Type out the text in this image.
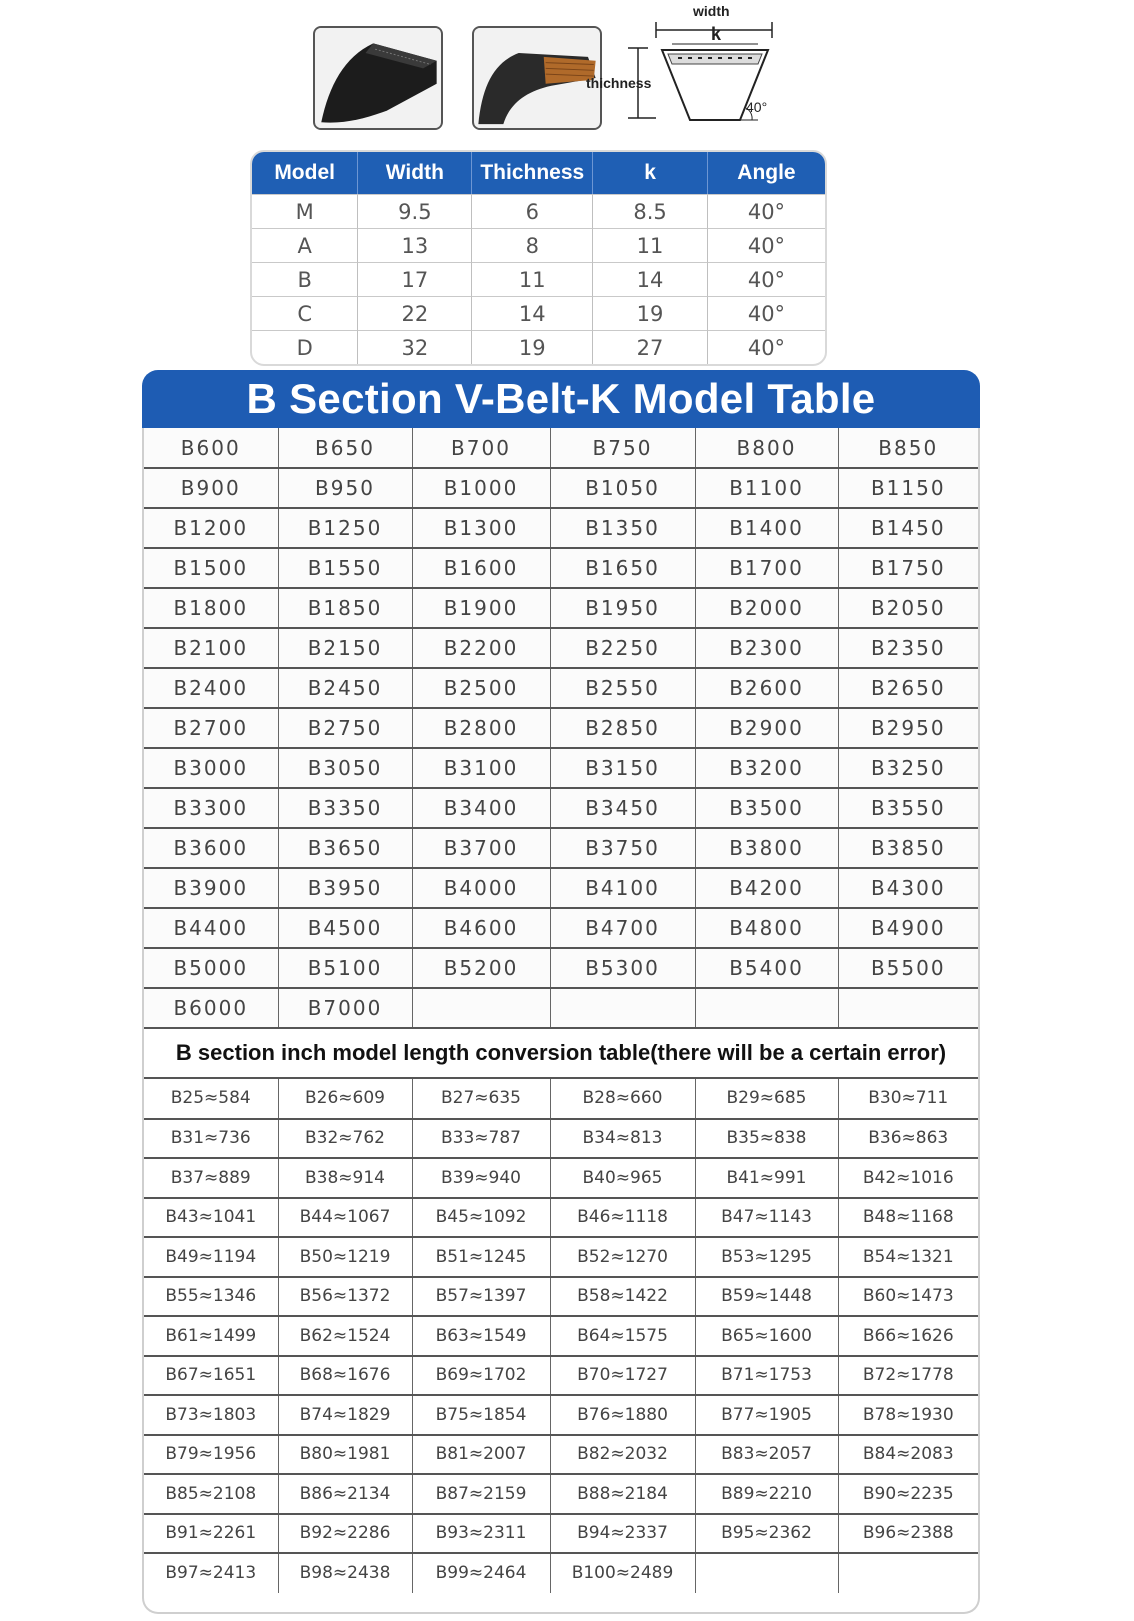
width
k
thichness
40°
Model	Width	Thichness	k	Angle
M	9.5	6	8.5	40°
A	13	8	11	40°
B	17	11	14	40°
C	22	14	19	40°
D	32	19	27	40°
B Section V-Belt-K Model Table
B600	B650	B700	B750	B800	B850
B900	B950	B1000	B1050	B1100	B1150
B1200	B1250	B1300	B1350	B1400	B1450
B1500	B1550	B1600	B1650	B1700	B1750
B1800	B1850	B1900	B1950	B2000	B2050
B2100	B2150	B2200	B2250	B2300	B2350
B2400	B2450	B2500	B2550	B2600	B2650
B2700	B2750	B2800	B2850	B2900	B2950
B3000	B3050	B3100	B3150	B3200	B3250
B3300	B3350	B3400	B3450	B3500	B3550
B3600	B3650	B3700	B3750	B3800	B3850
B3900	B3950	B4000	B4100	B4200	B4300
B4400	B4500	B4600	B4700	B4800	B4900
B5000	B5100	B5200	B5300	B5400	B5500
B6000	B7000				
B section inch model length conversion table(there will be a certain error)
B25≈584	B26≈609	B27≈635	B28≈660	B29≈685	B30≈711
B31≈736	B32≈762	B33≈787	B34≈813	B35≈838	B36≈863
B37≈889	B38≈914	B39≈940	B40≈965	B41≈991	B42≈1016
B43≈1041	B44≈1067	B45≈1092	B46≈1118	B47≈1143	B48≈1168
B49≈1194	B50≈1219	B51≈1245	B52≈1270	B53≈1295	B54≈1321
B55≈1346	B56≈1372	B57≈1397	B58≈1422	B59≈1448	B60≈1473
B61≈1499	B62≈1524	B63≈1549	B64≈1575	B65≈1600	B66≈1626
B67≈1651	B68≈1676	B69≈1702	B70≈1727	B71≈1753	B72≈1778
B73≈1803	B74≈1829	B75≈1854	B76≈1880	B77≈1905	B78≈1930
B79≈1956	B80≈1981	B81≈2007	B82≈2032	B83≈2057	B84≈2083
B85≈2108	B86≈2134	B87≈2159	B88≈2184	B89≈2210	B90≈2235
B91≈2261	B92≈2286	B93≈2311	B94≈2337	B95≈2362	B96≈2388
B97≈2413	B98≈2438	B99≈2464	B100≈2489		
